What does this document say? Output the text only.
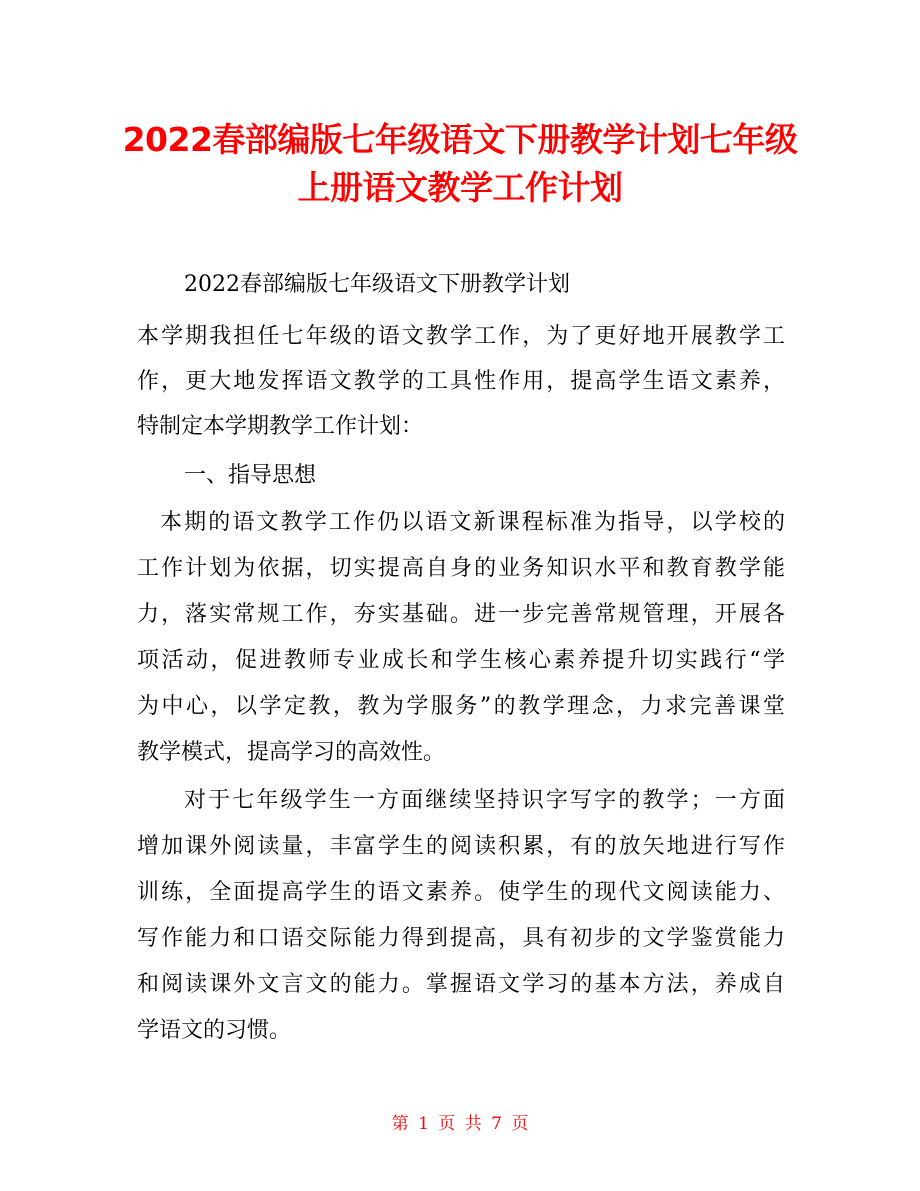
2022春部编版七年级语文下册教学计划七年级
上册语文教学工作计划
2022春部编版七年级语文下册教学计划
本学期我担任七年级的语文教学工作，为了更好地开展教学工
作，更大地发挥语文教学的工具性作用，提高学生语文素养，
特制定本学期教学工作计划：
一、指导思想
本期的语文教学工作仍以语文新课程标准为指导，以学校的
工作计划为依据，切实提高自身的业务知识水平和教育教学能
力，落实常规工作，夯实基础。进一步完善常规管理，开展各
项活动，促进教师专业成长和学生核心素养提升切实践行“学
为中心，以学定教，教为学服务”的教学理念，力求完善课堂
教学模式，提高学习的高效性。
对于七年级学生一方面继续坚持识字写字的教学；一方面
增加课外阅读量，丰富学生的阅读积累，有的放矢地进行写作
训练，全面提高学生的语文素养。使学生的现代文阅读能力、
写作能力和口语交际能力得到提高，具有初步的文学鉴赏能力
和阅读课外文言文的能力。掌握语文学习的基本方法，养成自
学语文的习惯。
第 1 页 共 7 页
